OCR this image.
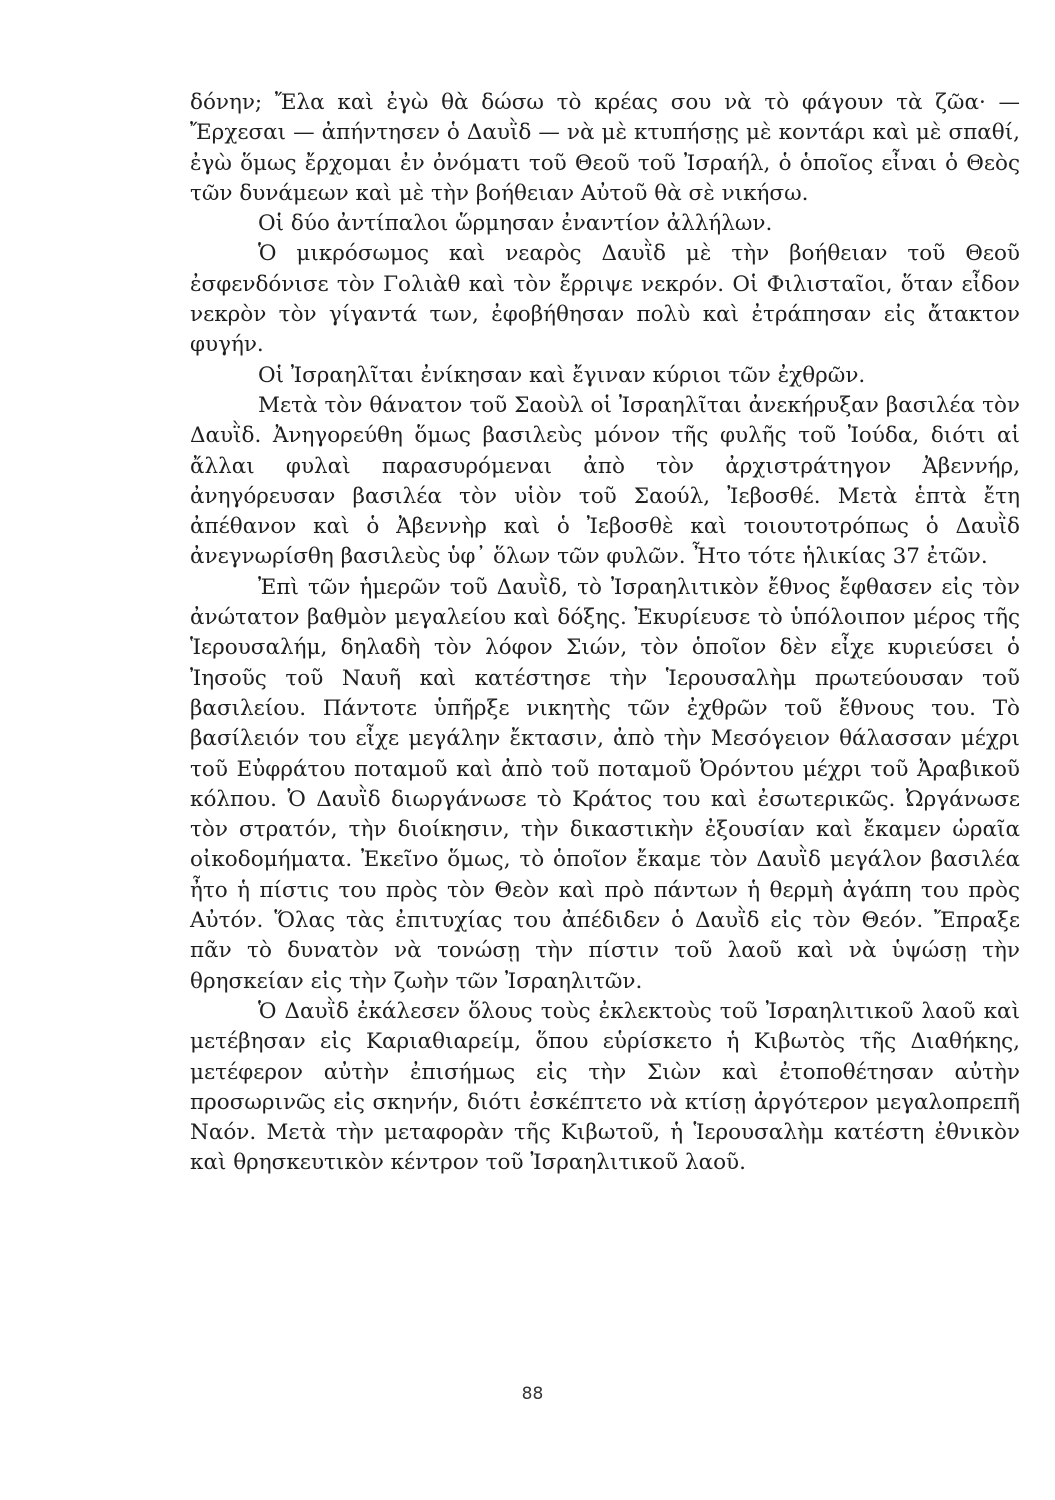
δόνην; Ἔλα καὶ ἐγὼ θὰ δώσω τὸ κρέας σου νὰ τὸ φάγουν τὰ ζῶα· — Ἔρχεσαι — ἀπήντησεν ὁ Δαυῒδ — νὰ μὲ κτυπήσῃς μὲ κοντάρι καὶ μὲ σπαθί, ἐγὼ ὅμως ἔρχομαι ἐν ὀνόματι τοῦ Θεοῦ τοῦ Ἰσραήλ, ὁ ὁποῖος εἶναι ὁ Θεὸς τῶν δυνάμεων καὶ μὲ τὴν βοήθειαν Αὐτοῦ θὰ σὲ νικήσω.

Οἱ δύο ἀντίπαλοι ὥρμησαν ἐναντίον ἀλλήλων.

Ὁ μικρόσωμος καὶ νεαρὸς Δαυῒδ μὲ τὴν βοήθειαν τοῦ Θεοῦ ἐσφενδόνισε τὸν Γολιὰθ καὶ τὸν ἔρριψε νεκρόν. Οἱ Φιλισταῖοι, ὅταν εἶδον νεκρὸν τὸν γίγαντά των, ἐφοβήθησαν πολὺ καὶ ἐτράπησαν εἰς ἄτακτον φυγήν.

Οἱ Ἰσραηλῖται ἐνίκησαν καὶ ἔγιναν κύριοι τῶν ἐχθρῶν.

Μετὰ τὸν θάνατον τοῦ Σαοὺλ οἱ Ἰσραηλῖται ἀνεκήρυξαν βασιλέα τὸν Δαυῒδ. Ἀνηγορεύθη ὅμως βασιλεὺς μόνον τῆς φυλῆς τοῦ Ἰούδα, διότι αἱ ἄλλαι φυλαὶ παρασυρόμεναι ἀπὸ τὸν ἀρχιστράτηγον Ἀβεννήρ, ἀνηγόρευσαν βασιλέα τὸν υἱὸν τοῦ Σαούλ, Ἰεβοσθέ. Μετὰ ἑπτὰ ἔτη ἀπέθανον καὶ ὁ Ἀβεννὴρ καὶ ὁ Ἰεβοσθὲ καὶ τοιουτοτρόπως ὁ Δαυῒδ ἀνεγνωρίσθη βασιλεὺς ὑφ᾽ ὅλων τῶν φυλῶν. Ἦτο τότε ἡλικίας 37 ἐτῶν.

Ἐπὶ τῶν ἡμερῶν τοῦ Δαυῒδ, τὸ Ἰσραηλιτικὸν ἔθνος ἔφθασεν εἰς τὸν ἀνώτατον βαθμὸν μεγαλείου καὶ δόξης. Ἐκυρίευσε τὸ ὑπόλοιπον μέρος τῆς Ἱερουσαλήμ, δηλαδὴ τὸν λόφον Σιών, τὸν ὁποῖον δὲν εἶχε κυριεύσει ὁ Ἰησοῦς τοῦ Ναυῆ καὶ κατέστησε τὴν Ἱερουσαλὴμ πρωτεύουσαν τοῦ βασιλείου. Πάντοτε ὑπῆρξε νικητὴς τῶν ἐχθρῶν τοῦ ἔθνους του. Τὸ βασίλειόν του εἶχε μεγάλην ἔκτασιν, ἀπὸ τὴν Μεσόγειον θάλασσαν μέχρι τοῦ Εὐφράτου ποταμοῦ καὶ ἀπὸ τοῦ ποταμοῦ Ὀρόντου μέχρι τοῦ Ἀραβικοῦ κόλπου. Ὁ Δαυῒδ διωργάνωσε τὸ Κράτος του καὶ ἐσωτερικῶς. Ὠργάνωσε τὸν στρατόν, τὴν διοίκησιν, τὴν δικαστικὴν ἐξουσίαν καὶ ἔκαμεν ὡραῖα οἰκοδομήματα. Ἐκεῖνο ὅμως, τὸ ὁποῖον ἔκαμε τὸν Δαυῒδ μεγάλον βασιλέα ἦτο ἡ πίστις του πρὸς τὸν Θεὸν καὶ πρὸ πάντων ἡ θερμὴ ἀγάπη του πρὸς Αὐτόν. Ὅλας τὰς ἐπιτυχίας του ἀπέδιδεν ὁ Δαυῒδ εἰς τὸν Θεόν. Ἔπραξε πᾶν τὸ δυνατὸν νὰ τονώσῃ τὴν πίστιν τοῦ λαοῦ καὶ νὰ ὑψώσῃ τὴν θρησκείαν εἰς τὴν ζωὴν τῶν Ἰσραηλιτῶν.

Ὁ Δαυῒδ ἐκάλεσεν ὅλους τοὺς ἐκλεκτοὺς τοῦ Ἰσραηλιτικοῦ λαοῦ καὶ μετέβησαν εἰς Καριαθιαρείμ, ὅπου εὑρίσκετο ἡ Κιβωτὸς τῆς Διαθήκης, μετέφερον αὐτὴν ἐπισήμως εἰς τὴν Σιὼν καὶ ἐτοποθέτησαν αὐτὴν προσωρινῶς εἰς σκηνήν, διότι ἐσκέπτετο νὰ κτίσῃ ἀργότερον μεγαλοπρεπῆ Ναόν. Μετὰ τὴν μεταφορὰν τῆς Κιβωτοῦ, ἡ Ἱερουσαλὴμ κατέστη ἐθνικὸν καὶ θρησκευτικὸν κέντρον τοῦ Ἰσραηλιτικοῦ λαοῦ.

88
